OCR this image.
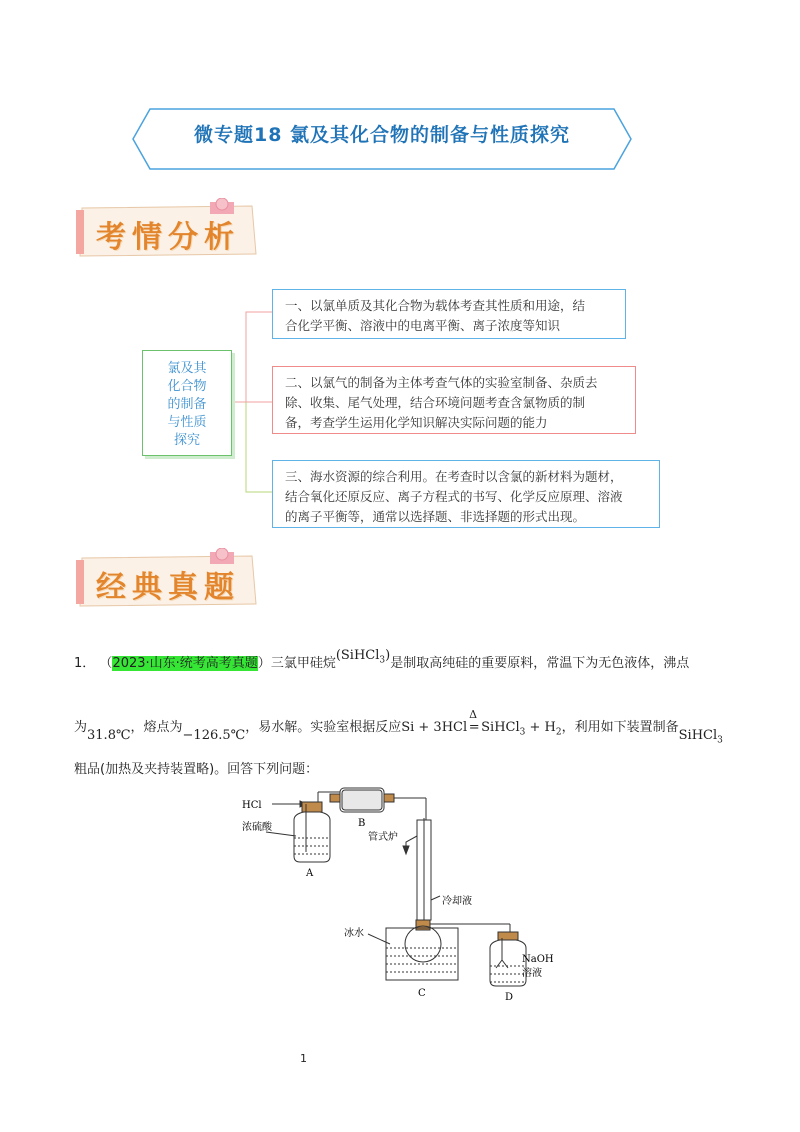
微专题18 氯及其化合物的制备与性质探究
考情分析
氯及其
化合物
的制备
与性质
探究
一、以氯单质及其化合物为载体考查其性质和用途，结
合化学平衡、溶液中的电离平衡、离子浓度等知识
二、以氯气的制备为主体考查气体的实验室制备、杂质去
除、收集、尾气处理，结合环境问题考查含氯物质的制
备，考查学生运用化学知识解决实际问题的能力
三、海水资源的综合利用。在考查时以含氯的新材料为题材，
结合氧化还原反应、离子方程式的书写、化学反应原理、溶液
的离子平衡等，通常以选择题、非选择题的形式出现。
经典真题
1． （2023·山东·统考高考真题）三氯甲硅烷(SiHCl$_3$)是制取高纯硅的重要原料，常温下为无色液体，沸点
为31.8℃，熔点为−126.5℃，易水解。实验室根据反应Si + 3HCl
Δ
= SiHCl$_3$ + $H_2$，利用如下装置制备SiHCl$_3$
粗品(加热及夹持装置略)。回答下列问题：
HCl
浓硫酸
A
B
管式炉
冷却液
冰水
C
NaOH
溶液
D
1
